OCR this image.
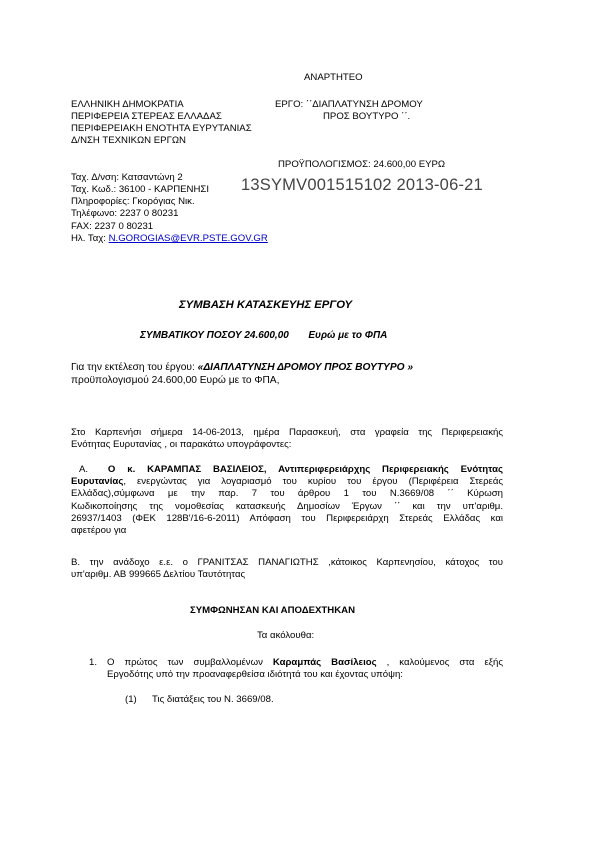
ΑΝΑΡΤΗΤΕΟ
ΕΛΛΗΝΙΚΗ ΔΗΜΟΚΡΑΤΙΑ
ΠΕΡΙΦΕΡΕΙΑ ΣΤΕΡΕΑΣ ΕΛΛΑΔΑΣ
ΠΕΡΙΦΕΡΕΙΑΚΗ ΕΝΟΤΗΤΑ ΕΥΡΥΤΑΝΙΑΣ
Δ/ΝΣΗ ΤΕΧΝΙΚΩΝ ΕΡΓΩΝ
ΕΡΓΟ: ΄΄ΔΙΑΠΛΑΤΥΝΣΗ ΔΡΟΜΟΥ
ΠΡΟΣ ΒΟΥΤΥΡΟ ΄΄.
ΠΡΟΫΠΟΛΟΓΙΣΜΟΣ: 24.600,00 ΕΥΡΩ
Ταχ. Δ/νση: Κατσαντώνη 2
Ταχ. Κωδ.: 36100 - ΚΑΡΠΕΝΗΣΙ
Πληροφορίες: Γκορόγιας Νικ.
Τηλέφωνο: 2237 0 80231
FAX: 2237 0 80231
Ηλ. Ταχ: N.GOROGIAS@EVR.PSTE.GOV.GR
13SYMV001515102 2013-06-21
ΣΥΜΒΑΣΗ ΚΑΤΑΣΚΕΥΗΣ ΕΡΓΟΥ
ΣΥΜΒΑΤΙΚΟΥ ΠΟΣΟΥ 24.600,00 Ευρώ με το ΦΠΑ
Για την εκτέλεση του έργου: «ΔΙΑΠΛΑΤΥΝΣΗ ΔΡΟΜΟΥ ΠΡΟΣ ΒΟΥΤΥΡΟ »
προϋπολογισμού 24.600,00 Ευρώ με το ΦΠΑ,
Στο Καρπενήσι σήμερα 14-06-2013, ημέρα Παρασκευή, στα γραφεία της Περιφερειακής
Ενότητας Ευρυτανίας , οι παρακάτω υπογράφοντες:
Α. Ο κ. ΚΑΡΑΜΠΑΣ ΒΑΣΙΛΕΙΟΣ, Αντιπεριφερειάρχης Περιφερειακής Ενότητας
Ευρυτανίας, ενεργώντας για λογαριασμό του κυρίου του έργου (Περιφέρεια Στερεάς
Ελλάδας),σύμφωνα με την παρ. 7 του άρθρου 1 του Ν.3669/08 ΄΄ Κύρωση
Κωδικοποίησης της νομοθεσίας κατασκευής Δημοσίων Έργων ΄΄ και την υπ'αριθμ.
26937/1403 (ΦΕΚ 128Β'/16-6-2011) Απόφαση του Περιφερειάρχη Στερεάς Ελλάδας και
αφετέρου για
Β. την ανάδοχο ε.ε. ο ΓΡΑΝΙΤΣΑΣ ΠΑΝΑΓΙΩΤΗΣ ,κάτοικος Καρπενησίου, κάτοχος του
υπ'αριθμ. ΑΒ 999665 Δελτίου Ταυτότητας
ΣΥΜΦΩΝΗΣΑΝ ΚΑΙ ΑΠΟΔΕΧΤΗΚΑΝ
Τα ακόλουθα:
1. Ο πρώτος των συμβαλλομένων Καραμπάς Βασίλειος , καλούμενος στα εξής
Εργοδότης υπό την προαναφερθείσα ιδιότητά του και έχοντας υπόψη:
(1) Τις διατάξεις του Ν. 3669/08.
